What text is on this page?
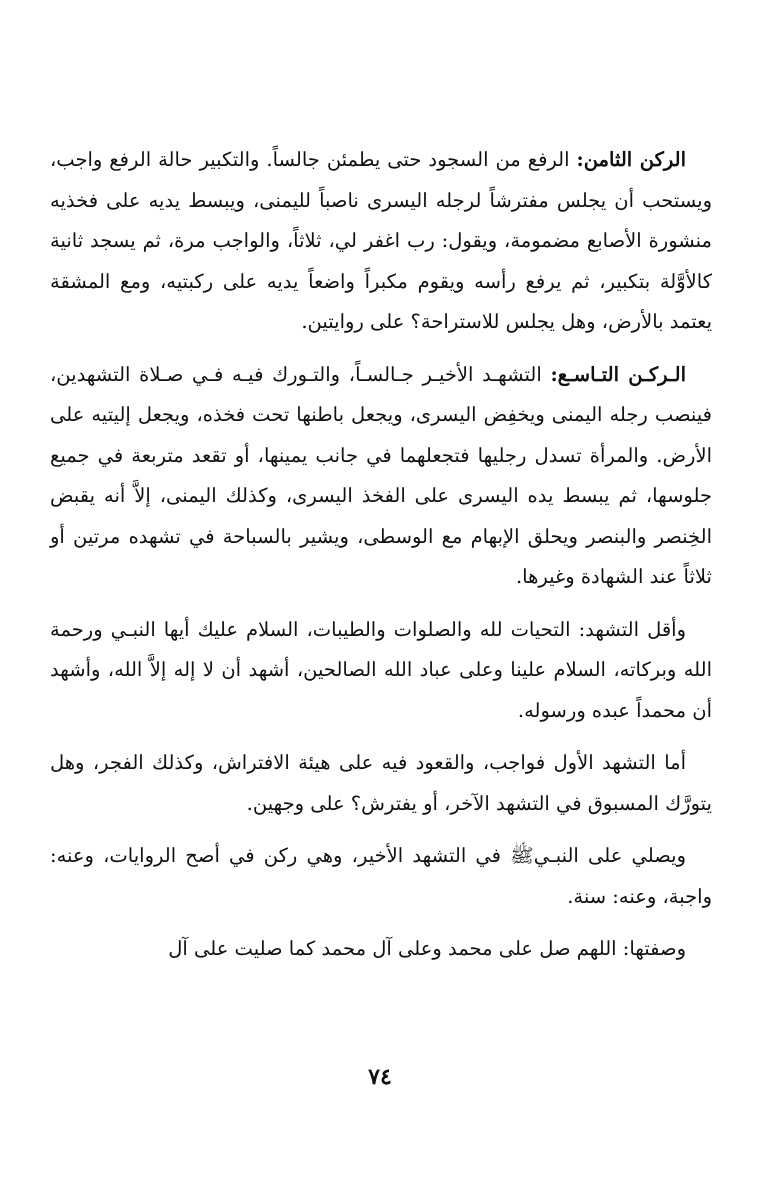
الركن الثامن: الرفع من السجود حتى يطمئن جالساً. والتكبير حالة الرفع واجب، ويستحب أن يجلس مفترشاً لرجله اليسرى ناصباً لليمنى، ويبسط يديه على فخذيه منشورة الأصابع مضمومة، ويقول: رب اغفر لي، ثلاثاً، والواجب مرة، ثم يسجد ثانية كالأوَّلة بتكبير، ثم يرفع رأسه ويقوم مكبراً واضعاً يديه على ركبتيه، ومع المشقة يعتمد بالأرض، وهل يجلس للاستراحة؟ على روايتين.

الـركـن التـاسـع: التشهـد الأخيـر جـالسـاً، والتـورك فيـه فـي صـلاة التشهدين، فينصب رجله اليمنى ويخفِض اليسرى، ويجعل باطنها تحت فخذه، ويجعل إليتيه على الأرض. والمرأة تسدل رجليها فتجعلهما في جانب يمينها، أو تقعد متربعة في جميع جلوسها، ثم يبسط يده اليسرى على الفخذ اليسرى، وكذلك اليمنى، إلاَّ أنه يقبض الخِنصر والبنصر ويحلق الإبهام مع الوسطى، ويشير بالسباحة في تشهده مرتين أو ثلاثاً عند الشهادة وغيرها.

وأقل التشهد: التحيات لله والصلوات والطيبات، السلام عليك أيها النبـي ورحمة الله وبركاته، السلام علينا وعلى عباد الله الصالحين، أشهد أن لا إله إلاَّ الله، وأشهد أن محمداً عبده ورسوله.

أما التشهد الأول فواجب، والقعود فيه على هيئة الافتراش، وكذلك الفجر، وهل يتورَّك المسبوق في التشهد الآخر، أو يفترش؟ على وجهين.

ويصلي على النبـيﷺ في التشهد الأخير، وهي ركن في أصح الروايات، وعنه: واجبة، وعنه: سنة.

وصفتها: اللهم صل على محمد وعلى آل محمد كما صليت على آل

٧٤
